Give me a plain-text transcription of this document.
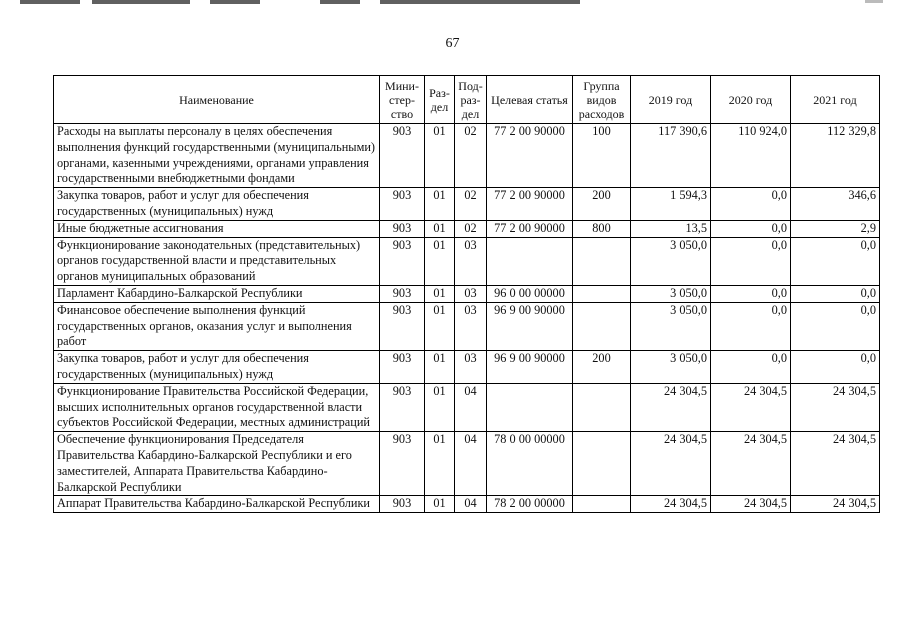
67
Наименование	Мини- стер- ство	Раз- дел	Под- раз- дел	Целевая статья	Группа видов расходов	2019 год	2020 год	2021 год
Расходы на выплаты персоналу в целях обеспечения выполнения функций государственными (муниципальными) органами, казенными учреждениями, органами управления государственными внебюджетными фондами	903	01	02	77 2 00 90000	100	117 390,6	110 924,0	112 329,8
Закупка товаров, работ и услуг для обеспечения государственных (муниципальных) нужд	903	01	02	77 2 00 90000	200	1 594,3	0,0	346,6
Иные бюджетные ассигнования	903	01	02	77 2 00 90000	800	13,5	0,0	2,9
Функционирование законодательных (представительных) органов государственной власти и представительных органов муниципальных образований	903	01	03			3 050,0	0,0	0,0
Парламент Кабардино-Балкарской Республики	903	01	03	96 0 00 00000		3 050,0	0,0	0,0
Финансовое обеспечение выполнения функций государственных органов, оказания услуг и выполнения работ	903	01	03	96 9 00 90000		3 050,0	0,0	0,0
Закупка товаров, работ и услуг для обеспечения государственных (муниципальных) нужд	903	01	03	96 9 00 90000	200	3 050,0	0,0	0,0
Функционирование Правительства Российской Федерации, высших исполнительных органов государственной власти субъектов Российской Федерации, местных администраций	903	01	04			24 304,5	24 304,5	24 304,5
Обеспечение функционирования Председателя Правительства Кабардино-Балкарской Республики и его заместителей, Аппарата Правительства Кабардино-Балкарской Республики	903	01	04	78 0 00 00000		24 304,5	24 304,5	24 304,5
Аппарат Правительства Кабардино-Балкарской Республики	903	01	04	78 2 00 00000		24 304,5	24 304,5	24 304,5
